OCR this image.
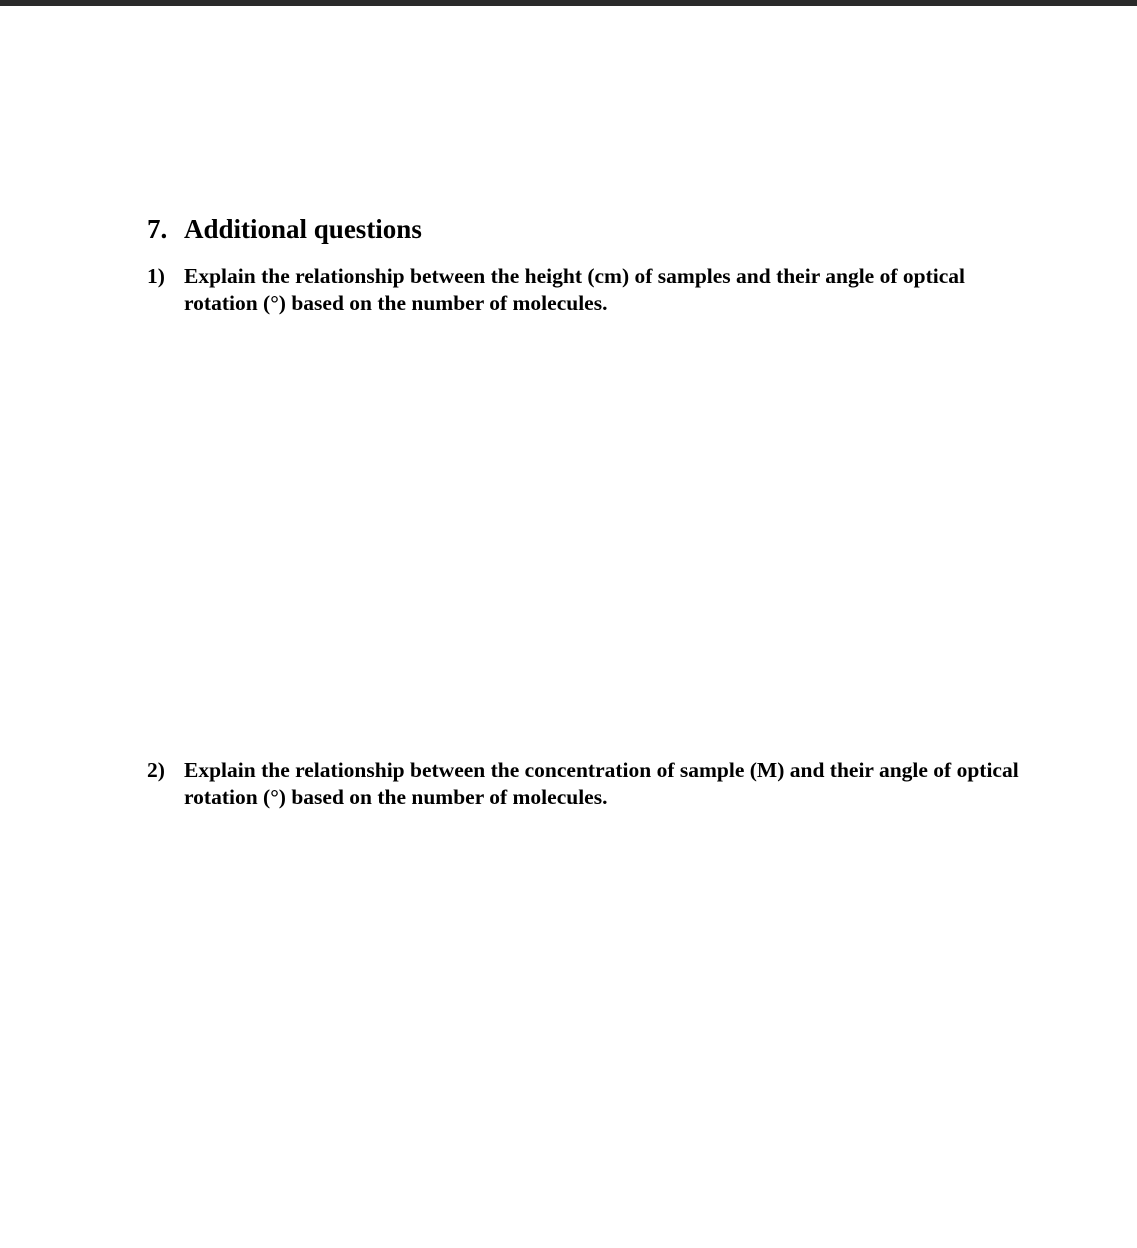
7. Additional questions
1) Explain the relationship between the height (cm) of samples and their angle of optical rotation (°) based on the number of molecules.
2) Explain the relationship between the concentration of sample (M) and their angle of optical rotation (°) based on the number of molecules.
